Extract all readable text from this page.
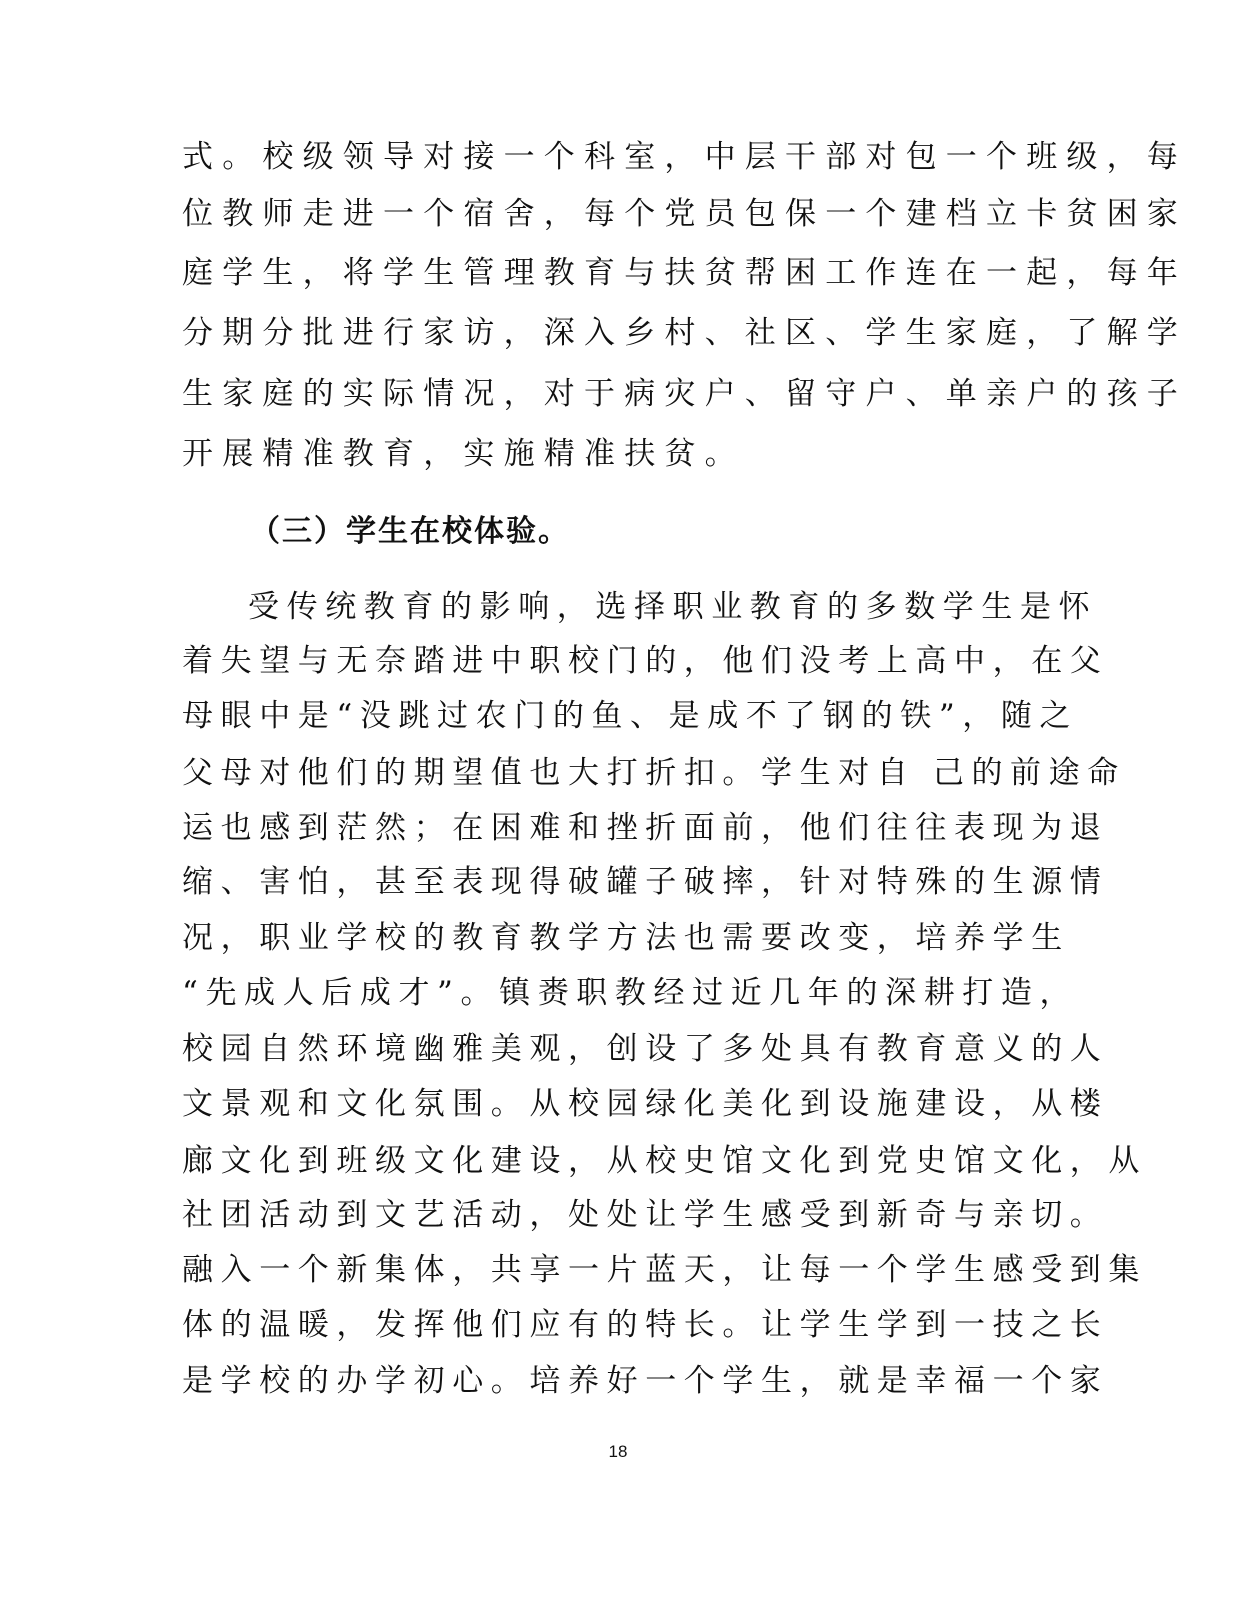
式。校级领导对接一个科室，中层干部对包一个班级，每
位教师走进一个宿舍，每个党员包保一个建档立卡贫困家
庭学生，将学生管理教育与扶贫帮困工作连在一起，每年
分期分批进行家访，深入乡村、社区、学生家庭，了解学
生家庭的实际情况，对于病灾户、留守户、单亲户的孩子
开展精准教育，实施精准扶贫。
（三）学生在校体验。
受传统教育的影响，选择职业教育的多数学生是怀
着失望与无奈踏进中职校门的，他们没考上高中，在父
母眼中是“没跳过农门的鱼、是成不了钢的铁”，随之
父母对他们的期望值也大打折扣。学生对自 己的前途命
运也感到茫然；在困难和挫折面前，他们往往表现为退
缩、害怕，甚至表现得破罐子破摔，针对特殊的生源情
况，职业学校的教育教学方法也需要改变，培养学生
“先成人后成才”。镇赉职教经过近几年的深耕打造，
校园自然环境幽雅美观，创设了多处具有教育意义的人
文景观和文化氛围。从校园绿化美化到设施建设，从楼
廊文化到班级文化建设，从校史馆文化到党史馆文化，从
社团活动到文艺活动，处处让学生感受到新奇与亲切。
融入一个新集体，共享一片蓝天，让每一个学生感受到集
体的温暖，发挥他们应有的特长。让学生学到一技之长
是学校的办学初心。培养好一个学生，就是幸福一个家
18
